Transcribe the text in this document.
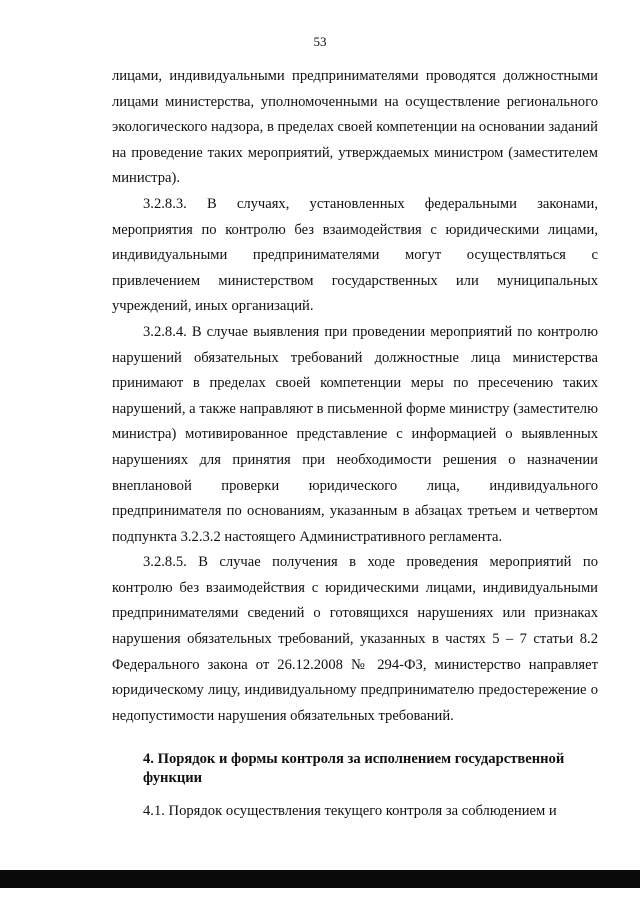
53

лицами, индивидуальными предпринимателями проводятся должностными лицами министерства, уполномоченными на осуществление регионального экологического надзора, в пределах своей компетенции на основании заданий на проведение таких мероприятий, утверждаемых министром (заместителем министра).

3.2.8.3. В случаях, установленных федеральными законами, мероприятия по контролю без взаимодействия с юридическими лицами, индивидуальными предпринимателями могут осуществляться с привлечением министерством государственных или муниципальных учреждений, иных организаций.

3.2.8.4. В случае выявления при проведении мероприятий по контролю нарушений обязательных требований должностные лица министерства принимают в пределах своей компетенции меры по пресечению таких нарушений, а также направляют в письменной форме министру (заместителю министра) мотивированное представление с информацией о выявленных нарушениях для принятия при необходимости решения о назначении внеплановой проверки юридического лица, индивидуального предпринимателя по основаниям, указанным в абзацах третьем и четвертом подпункта 3.2.3.2 настоящего Административного регламента.

3.2.8.5. В случае получения в ходе проведения мероприятий по контролю без взаимодействия с юридическими лицами, индивидуальными предпринимателями сведений о готовящихся нарушениях или признаках нарушения обязательных требований, указанных в частях 5 – 7 статьи 8.2 Федерального закона от 26.12.2008 № 294-ФЗ, министерство направляет юридическому лицу, индивидуальному предпринимателю предостережение о недопустимости нарушения обязательных требований.

4. Порядок и формы контроля за исполнением государственной функции

4.1. Порядок осуществления текущего контроля за соблюдением и
